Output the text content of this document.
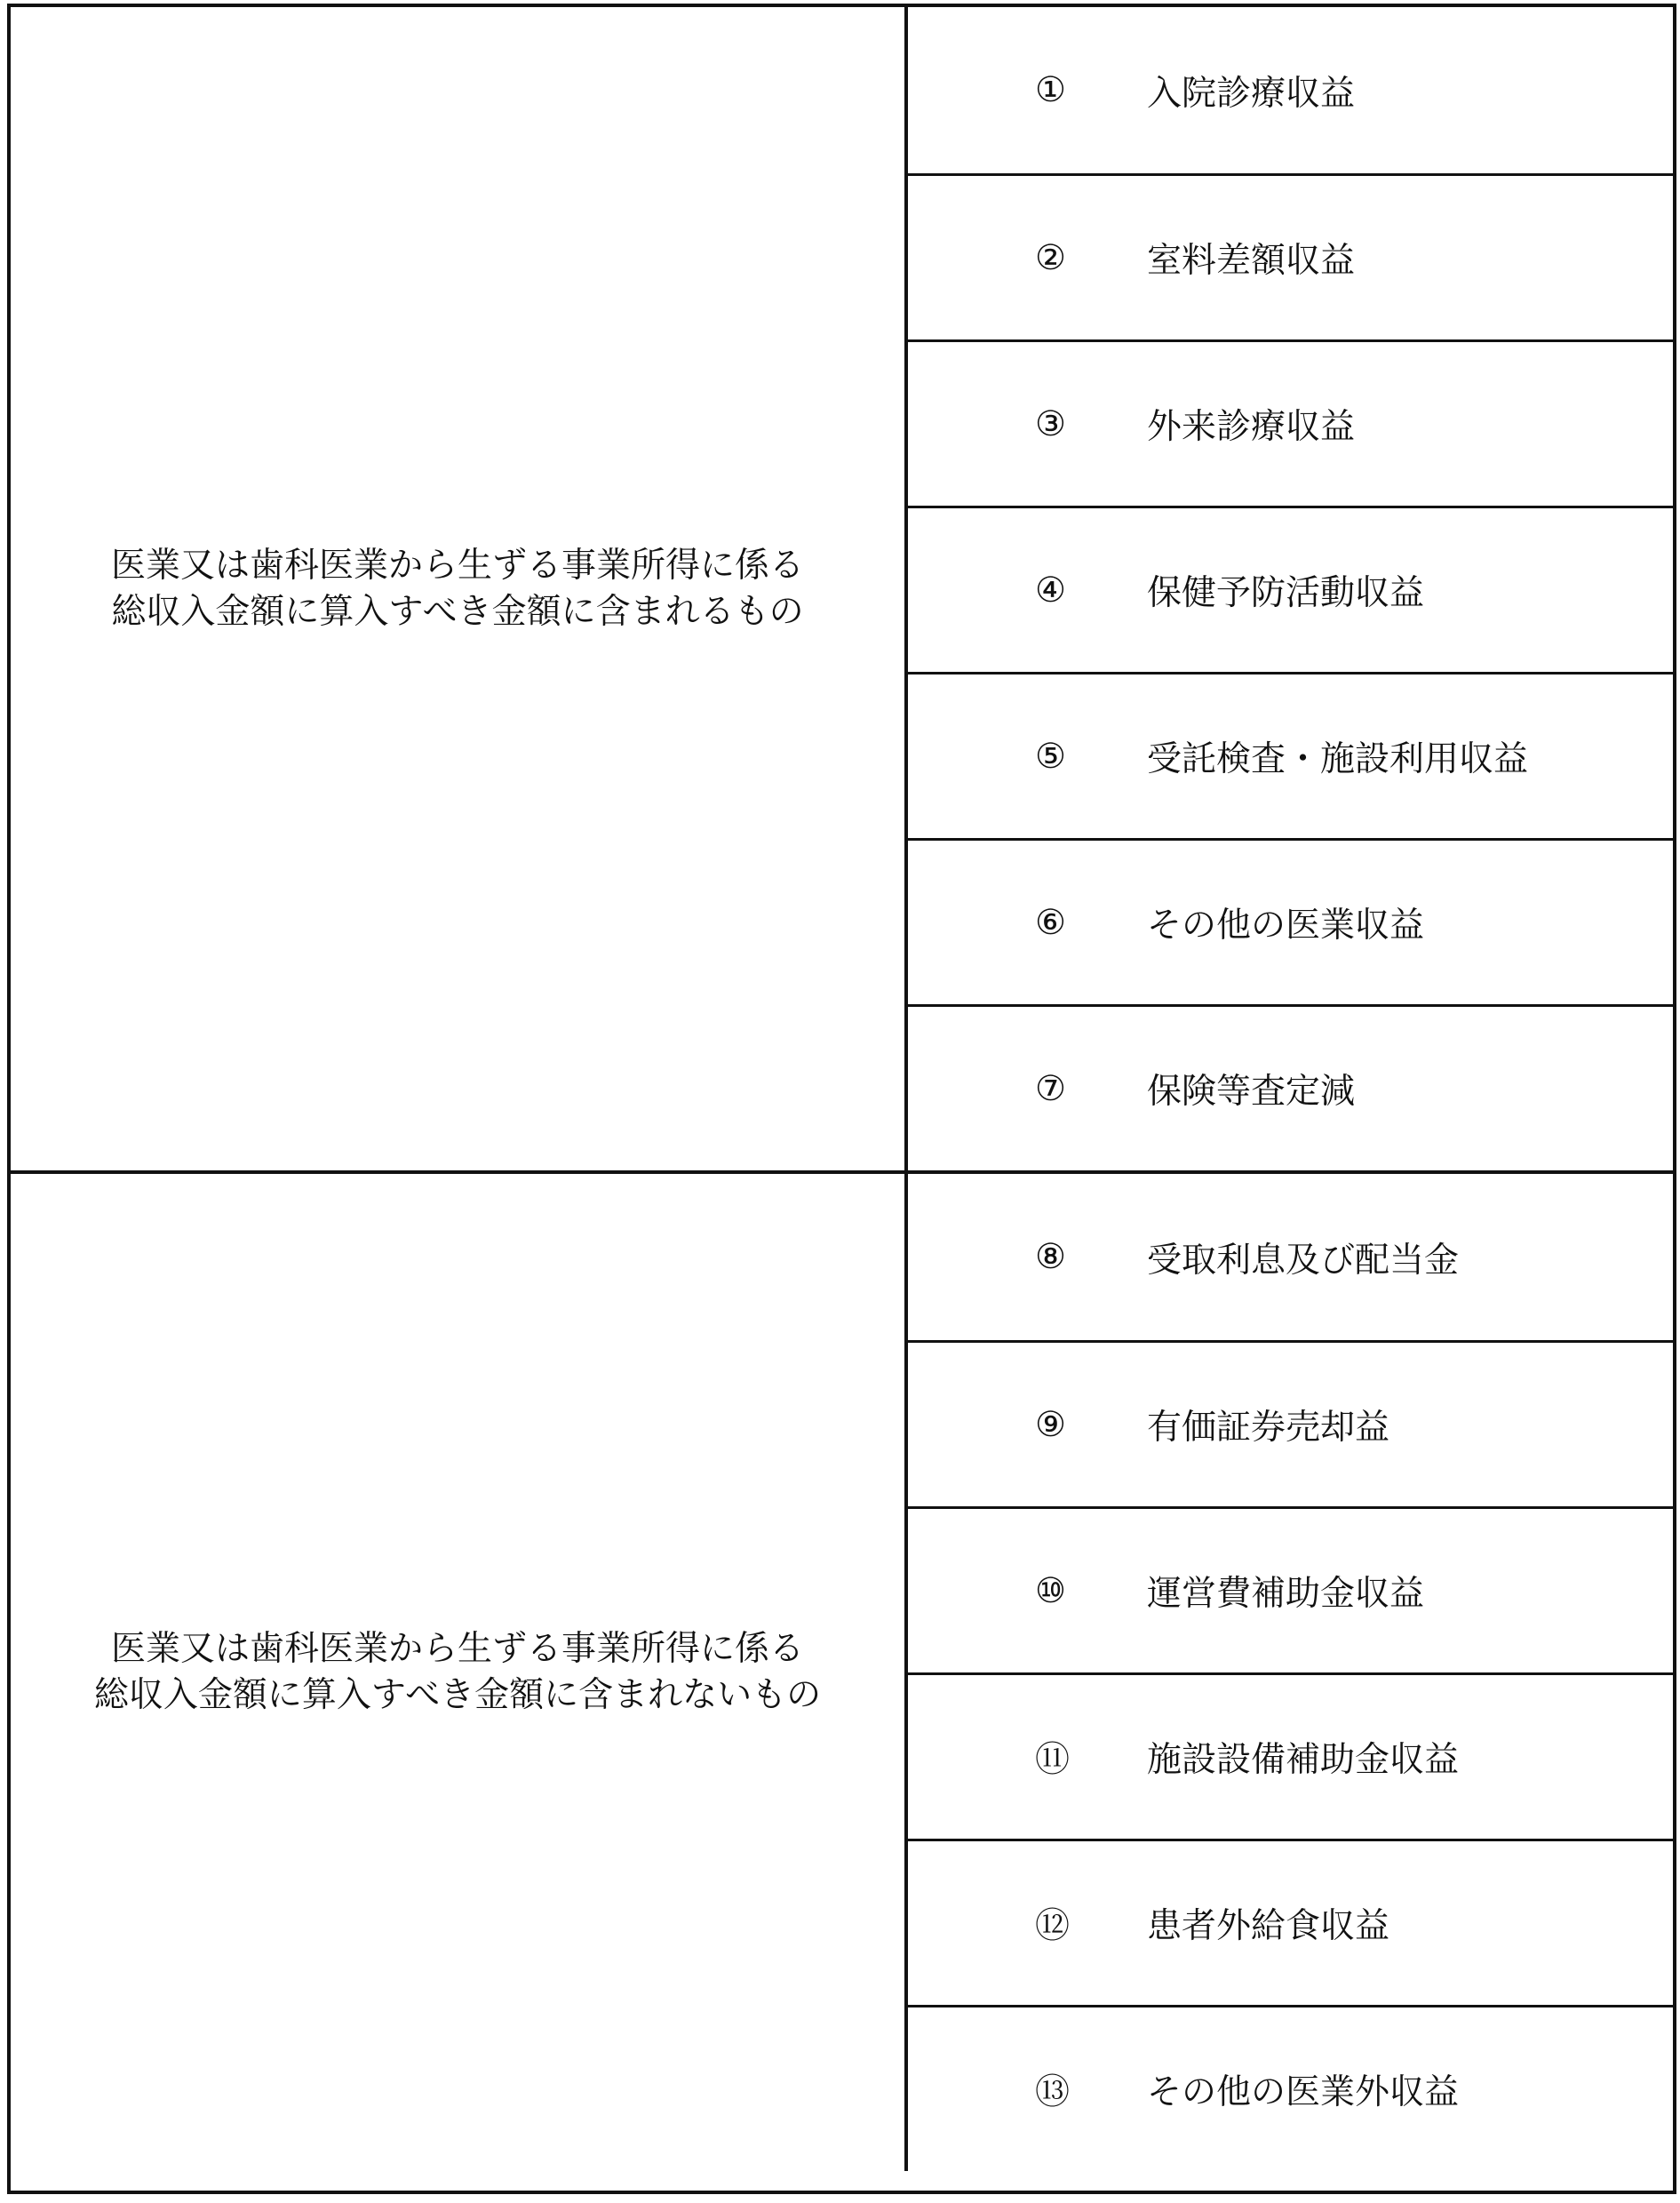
医業又は歯科医業から生ずる事業所得に係る
総収入金額に算入すべき金額に含まれるもの
①	入院診療収益
②	室料差額収益
③	外来診療収益
④	保健予防活動収益
⑤	受託検査・施設利用収益
⑥	その他の医業収益
⑦	保険等査定減
医業又は歯科医業から生ずる事業所得に係る
総収入金額に算入すべき金額に含まれないもの
⑧	受取利息及び配当金
⑨	有価証券売却益
⑩	運営費補助金収益
⑪	施設設備補助金収益
⑫	患者外給食収益
⑬	その他の医業外収益
